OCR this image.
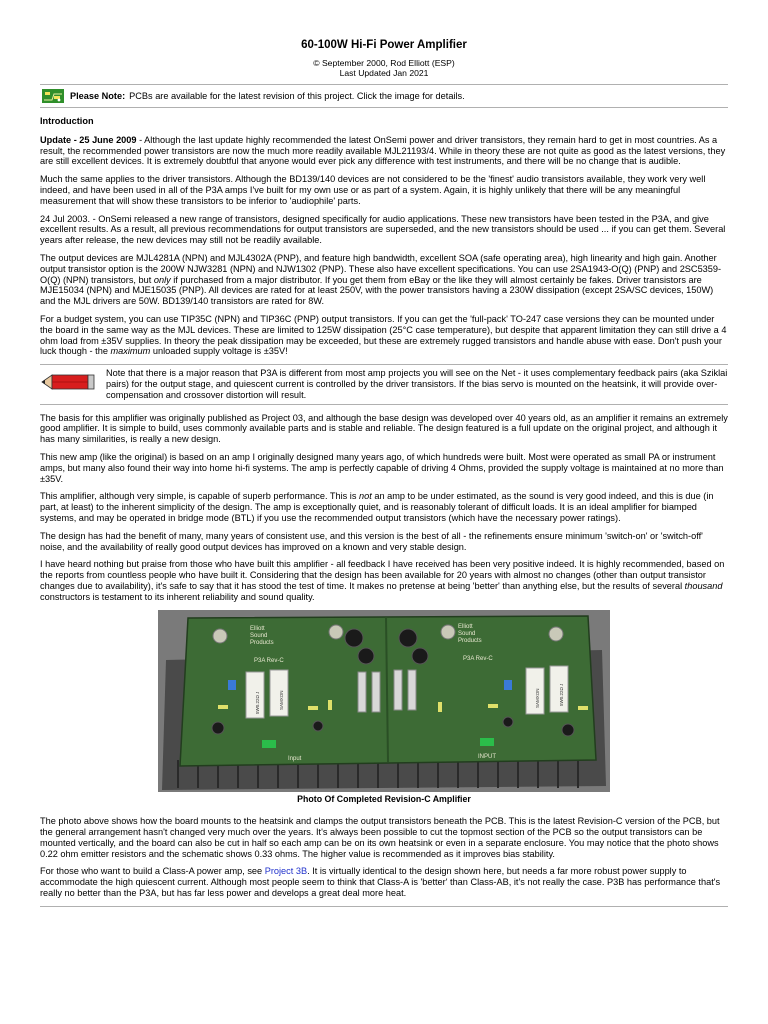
60-100W Hi-Fi Power Amplifier
© September 2000, Rod Elliott (ESP)
Last Updated Jan 2021
Please Note: PCBs are available for the latest revision of this project. Click the image for details.
Introduction

Update - 25 June 2009 - Although the last update highly recommended the latest OnSemi power and driver transistors, they remain hard to get in most countries. As a result, the recommended power transistors are now the much more readily available MJL21193/4. While in theory these are not quite as good as the latest versions, they are still excellent devices. It is extremely doubtful that anyone would ever pick any difference with test instruments, and there will be no change that is audible.

Much the same applies to the driver transistors. Although the BD139/140 devices are not considered to be the 'finest' audio transistors available, they work very well indeed, and have been used in all of the P3A amps I've built for my own use or as part of a system. Again, it is highly unlikely that there will be any meaningful measurement that will show these transistors to be inferior to 'audiophile' parts.

24 Jul 2003. - OnSemi released a new range of transistors, designed specifically for audio applications. These new transistors have been tested in the P3A, and give excellent results. As a result, all previous recommendations for output transistors are superseded, and the new transistors should be used ... if you can get them. Several years after release, the new devices may still not be readily available.

The output devices are MJL4281A (NPN) and MJL4302A (PNP), and feature high bandwidth, excellent SOA (safe operating area), high linearity and high gain. Another output transistor option is the 200W NJW3281 (NPN) and NJW1302 (PNP). These also have excellent specifications. You can use 2SA1943-O(Q) (PNP) and 2SC5359-O(Q) (NPN) transistors, but only if purchased from a major distributor. If you get them from eBay or the like they will almost certainly be fakes. Driver transistors are MJE15034 (NPN) and MJE15035 (PNP). All devices are rated for at least 250V, with the power transistors having a 230W dissipation (except 2SA/SC devices, 150W) and the MJL drivers are 50W. BD139/140 transistors are rated for 8W.

For a budget system, you can use TIP35C (NPN) and TIP36C (PNP) output transistors. If you can get the 'full-pack' TO-247 case versions they can be mounted under the board in the same way as the MJL devices. These are limited to 125W dissipation (25°C case temperature), but despite that apparent limitation they can still drive a 4 ohm load from ±35V supplies. In theory the peak dissipation may be exceeded, but these are extremely rugged transistors and handle abuse with ease. Don't push your luck though - the maximum unloaded supply voltage is ±35V!

Note that there is a major reason that P3A is different from most amp projects you will see on the Net - it uses complementary feedback pairs (aka Sziklai pairs) for the output stage, and quiescent current is controlled by the driver transistors. If the bias servo is mounted on the heatsink, it will provide over-compensation and crossover distortion will result.

The basis for this amplifier was originally published as Project 03, and although the base design was developed over 40 years old, as an amplifier it remains an extremely good amplifier. It is simple to build, uses commonly available parts and is stable and reliable. The design featured is a full update on the original project, and although it has many similarities, is really a new design.

This new amp (like the original) is based on an amp I originally designed many years ago, of which hundreds were built. Most were operated as small PA or instrument amps, but many also found their way into home hi-fi systems. The amp is perfectly capable of driving 4 Ohms, provided the supply voltage is maintained at no more than ±35V.

This amplifier, although very simple, is capable of superb performance. This is not an amp to be under estimated, as the sound is very good indeed, and this is due (in part, at least) to the inherent simplicity of the design. The amp is exceptionally quiet, and is reasonably tolerant of difficult loads. It is an ideal amplifier for biamped systems, and may be operated in bridge mode (BTL) if you use the recommended output transistors (which have the necessary power ratings).

The design has had the benefit of many, many years of consistent use, and this version is the best of all - the refinements ensure minimum 'switch-on' or 'switch-off' noise, and the availability of really good output devices has improved on a known and very stable design.

I have heard nothing but praise from those who have built this amplifier - all feedback I have received has been very positive indeed. It is highly recommended, based on the reports from countless people who have built it. Considering that the design has been available for 20 years with almost no changes (other than output transistor changes due to availability), it's safe to say that it has stood the test of time. It makes no pretense at being 'better' than anything else, but the results of several thousand constructors is testament to its inherent reliability and sound quality.

Elliott
Sound
Products
P3A Rev-C
Elliott
Sound
Products
P3A Rev-C
Input	INPUT
5W0.22Ω J	SAMXON	SAMXON	5W0.22Ω J
Photo Of Completed Revision-C Amplifier

The photo above shows how the board mounts to the heatsink and clamps the output transistors beneath the PCB. This is the latest Revision-C version of the PCB, but the general arrangement hasn't changed very much over the years. It's always been possible to cut the topmost section of the PCB so the output transistors can be mounted vertically, and the board can also be cut in half so each amp can be on its own heatsink or even in a separate enclosure. You may notice that the photo shows 0.22 ohm emitter resistors and the schematic shows 0.33 ohms. The higher value is recommended as it improves bias stability.

For those who want to build a Class-A power amp, see Project 3B. It is virtually identical to the design shown here, but needs a far more robust power supply to accommodate the high quiescent current. Although most people seem to think that Class-A is 'better' than Class-AB, it's not really the case. P3B has performance that's really no better than the P3A, but has far less power and develops a great deal more heat.
